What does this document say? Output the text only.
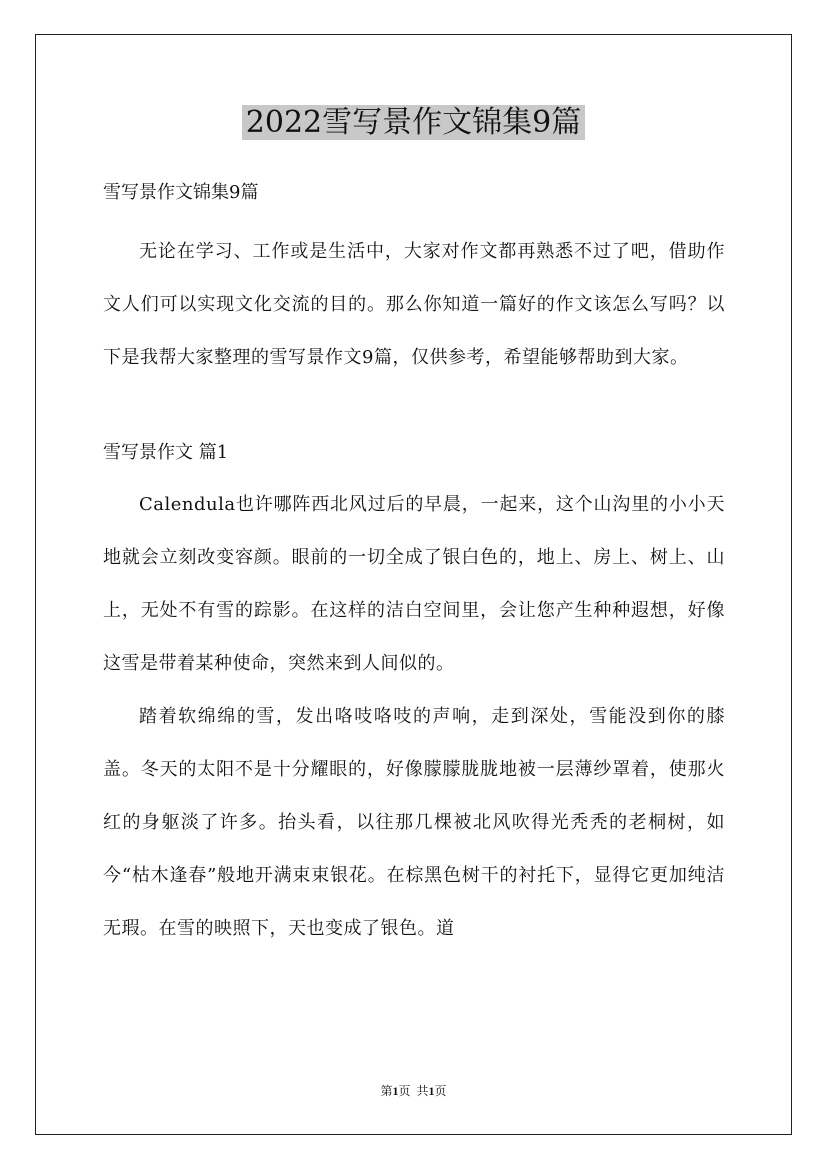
2022雪写景作文锦集9篇

雪写景作文锦集9篇

无论在学习、工作或是生活中，大家对作文都再熟悉不过了吧，借助作文人们可以实现文化交流的目的。那么你知道一篇好的作文该怎么写吗？以下是我帮大家整理的雪写景作文9篇，仅供参考，希望能够帮助到大家。

雪写景作文 篇1

Calendula也许哪阵西北风过后的早晨，一起来，这个山沟里的小小天地就会立刻改变容颜。眼前的一切全成了银白色的，地上、房上、树上、山上，无处不有雪的踪影。在这样的洁白空间里，会让您产生种种遐想，好像这雪是带着某种使命，突然来到人间似的。

踏着软绵绵的雪，发出咯吱咯吱的声响，走到深处，雪能没到你的膝盖。冬天的太阳不是十分耀眼的，好像朦朦胧胧地被一层薄纱罩着，使那火红的身躯淡了许多。抬头看，以往那几棵被北风吹得光秃秃的老桐树，如今“枯木逢春”般地开满束束银花。在棕黑色树干的衬托下，显得它更加纯洁无瑕。在雪的映照下，天也变成了银色。道

第1页  共1页
